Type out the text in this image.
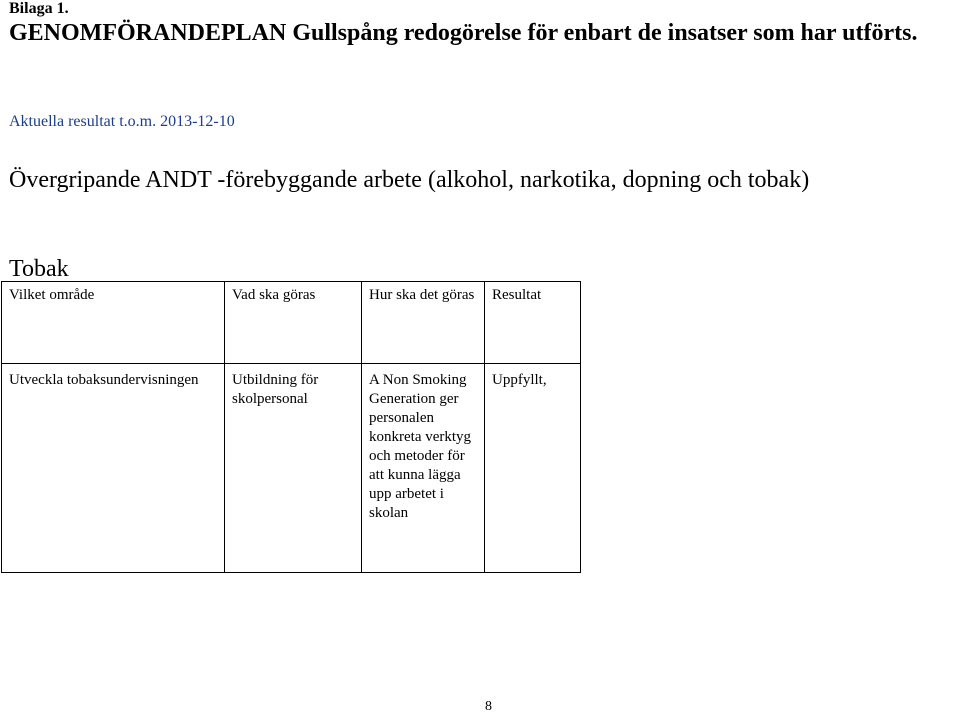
Bilaga 1.
GENOMFÖRANDEPLAN Gullspång redogörelse för enbart de insatser som har utförts.
Aktuella resultat t.o.m. 2013-12-10
Övergripande ANDT -förebyggande arbete (alkohol, narkotika, dopning och tobak)
Tobak
Vilket område	Vad ska göras	Hur ska det göras	Resultat

Utveckla tobaksundervisningen	Utbildning för skolpersonal	A Non Smoking Generation ger personalen konkreta verktyg och metoder för att kunna lägga upp arbetet i skolan	Uppfyllt,
8
